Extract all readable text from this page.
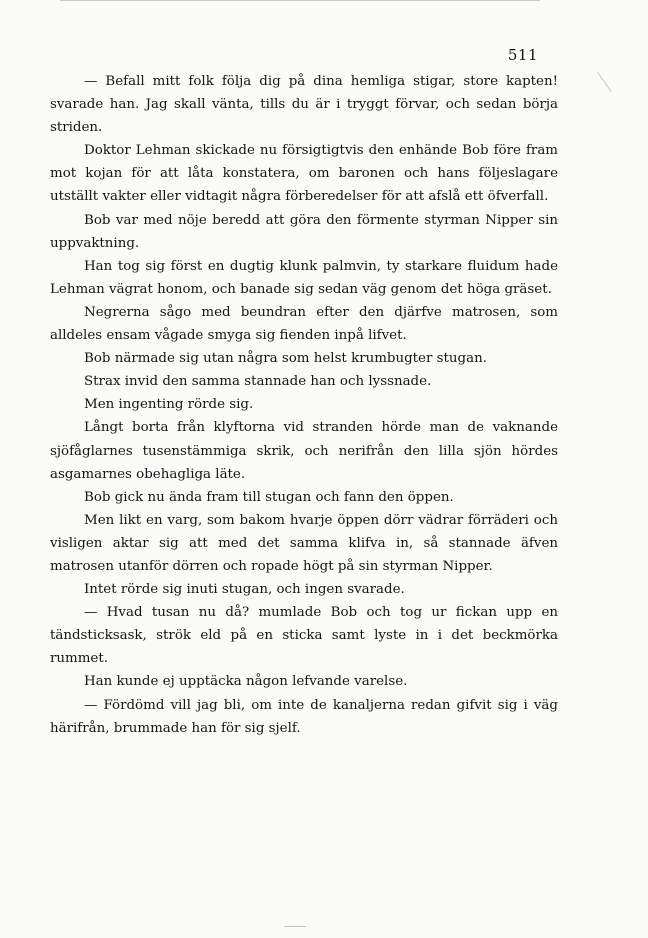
511

— Befall mitt folk följa dig på dina hemliga stigar, store kapten! svarade han. Jag skall vänta, tills du är i tryggt förvar, och sedan börja striden.

Doktor Lehman skickade nu försigtigtvis den enhände Bob före fram mot kojan för att låta konstatera, om baronen och hans följeslagare utställt vakter eller vidtagit några förberedelser för att afslå ett öfverfall.

Bob var med nöje beredd att göra den förmente styrman Nipper sin uppvaktning.

Han tog sig först en dugtig klunk palmvin, ty starkare fluidum hade Lehman vägrat honom, och banade sig sedan väg genom det höga gräset.

Negrerna sågo med beundran efter den djärfve matrosen, som alldeles ensam vågade smyga sig fienden inpå lifvet.

Bob närmade sig utan några som helst krumbugter stugan.

Strax invid den samma stannade han och lyssnade.

Men ingenting rörde sig.

Långt borta från klyftorna vid stranden hörde man de vaknande sjöfåglarnes tusenstämmiga skrik, och nerifrån den lilla sjön hördes asgamarnes obehagliga läte.

Bob gick nu ända fram till stugan och fann den öppen.

Men likt en varg, som bakom hvarje öppen dörr vädrar förräderi och visligen aktar sig att med det samma klifva in, så stannade äfven matrosen utanför dörren och ropade högt på sin styrman Nipper.

Intet rörde sig inuti stugan, och ingen svarade.

— Hvad tusan nu då? mumlade Bob och tog ur fickan upp en tändsticksask, strök eld på en sticka samt lyste in i det beckmörka rummet.

Han kunde ej upptäcka någon lefvande varelse.

— Fördömd vill jag bli, om inte de kanaljerna redan gifvit sig i väg härifrån, brummade han för sig sjelf.
